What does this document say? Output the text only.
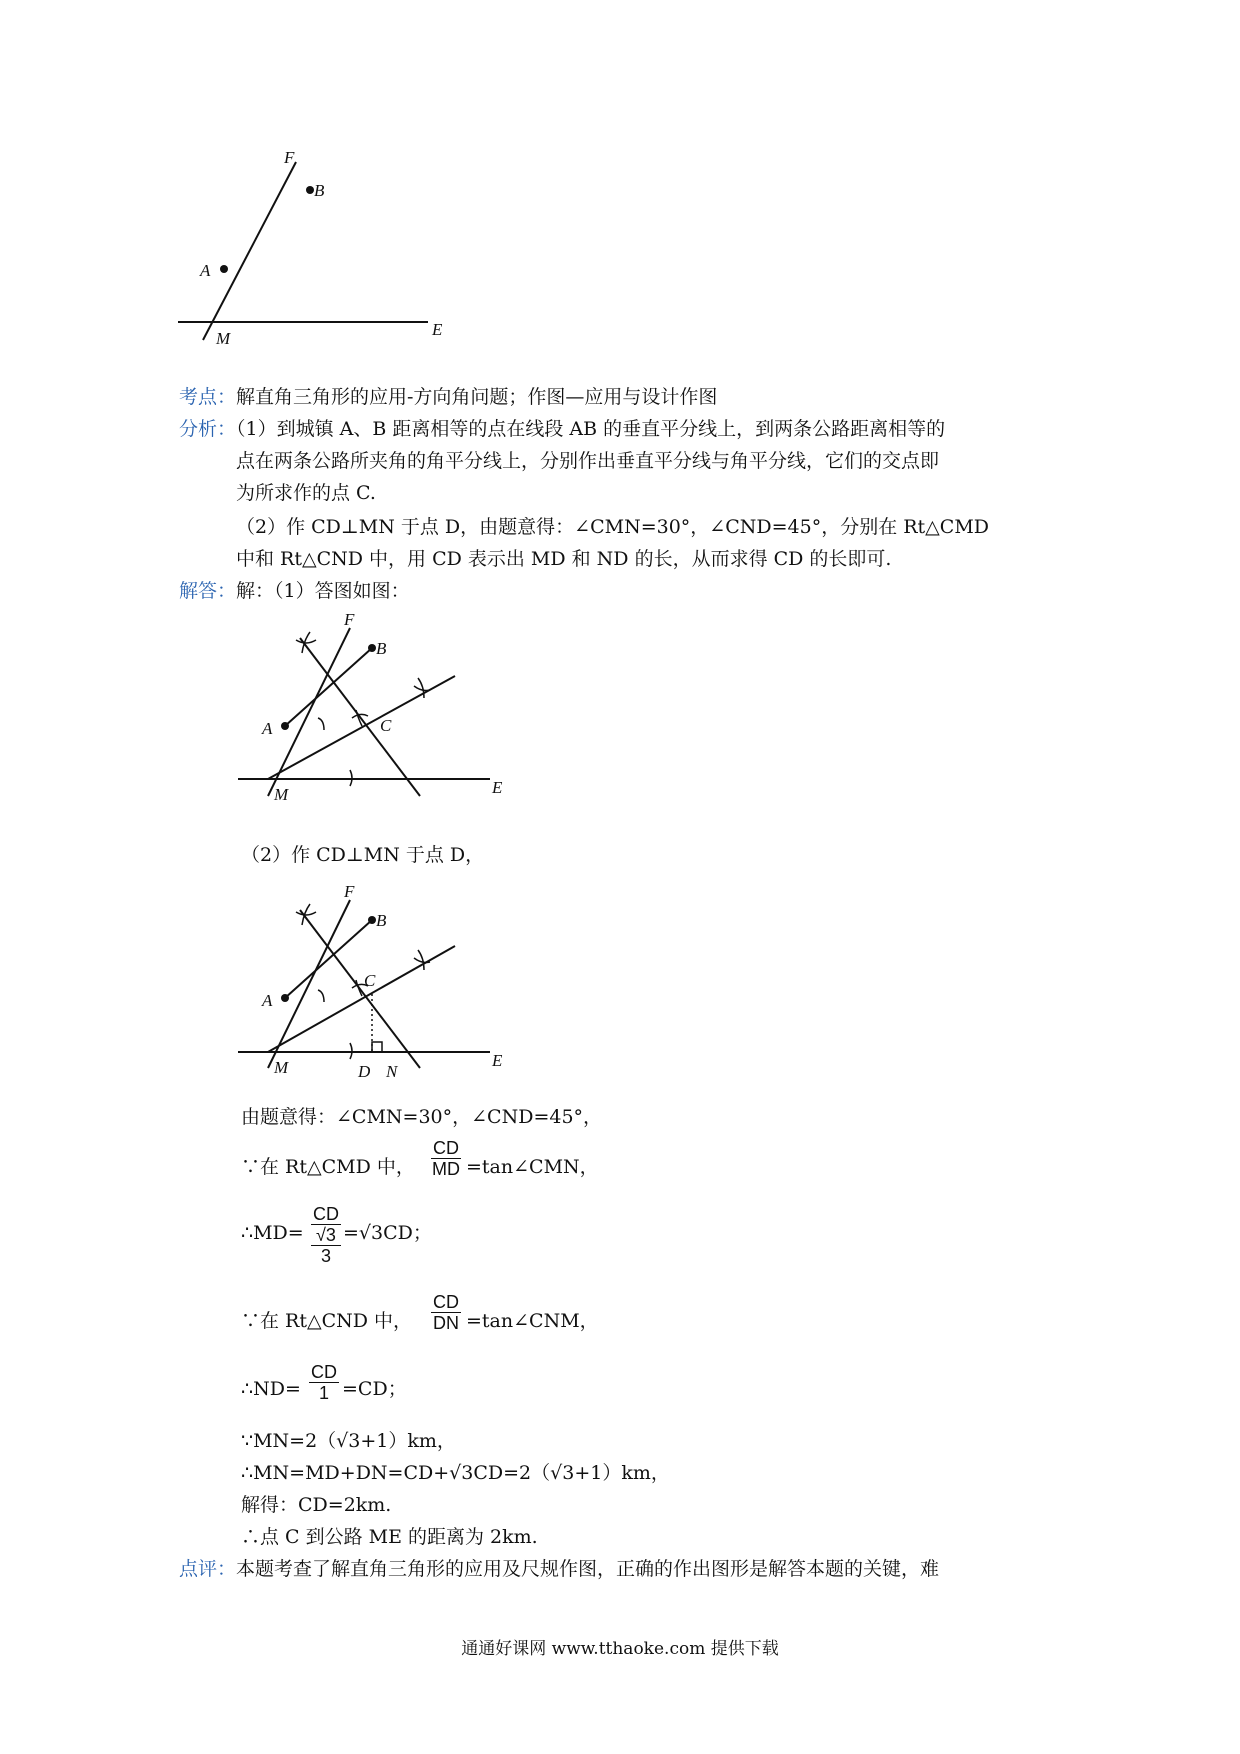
F
B
A
M	E
考点：解直角三角形的应用-方向角问题；作图—应用与设计作图
分析：（1）到城镇 A、B 距离相等的点在线段 AB 的垂直平分线上，到两条公路距离相等的
点在两条公路所夹角的角平分线上，分别作出垂直平分线与角平分线，它们的交点即
为所求作的点 C.
（2）作 CD⊥MN 于点 D，由题意得：∠CMN=30°，∠CND=45°，分别在 Rt△CMD
中和 Rt△CND 中，用 CD 表示出 MD 和 ND 的长，从而求得 CD 的长即可.
解答：解：（1）答图如图：
F
B
A	C
M	E
（2）作 CD⊥MN 于点 D，
F
B
A
C
M	D N
E
由题意得：∠CMN=30°，∠CND=45°，
∵在 Rt△CMD 中， $\frac{CD}{MD}$ =tan∠CMN，
∴MD=
CD
√3
3
=√3CD；
∵在 Rt△CND 中， $\frac{CD}{DN}$ =tan∠CNM，
∴ND= $\frac{CD}{1} =CD$；
∵MN=2（√3+1）km，
∴MN=MD+DN=CD+√3CD=2（√3+1）km，
解得：CD=2km.
∴点 C 到公路 ME 的距离为 2km.
点评：本题考查了解直角三角形的应用及尺规作图，正确的作出图形是解答本题的关键，难
通通好课网 www.tthaoke.com 提供下载
